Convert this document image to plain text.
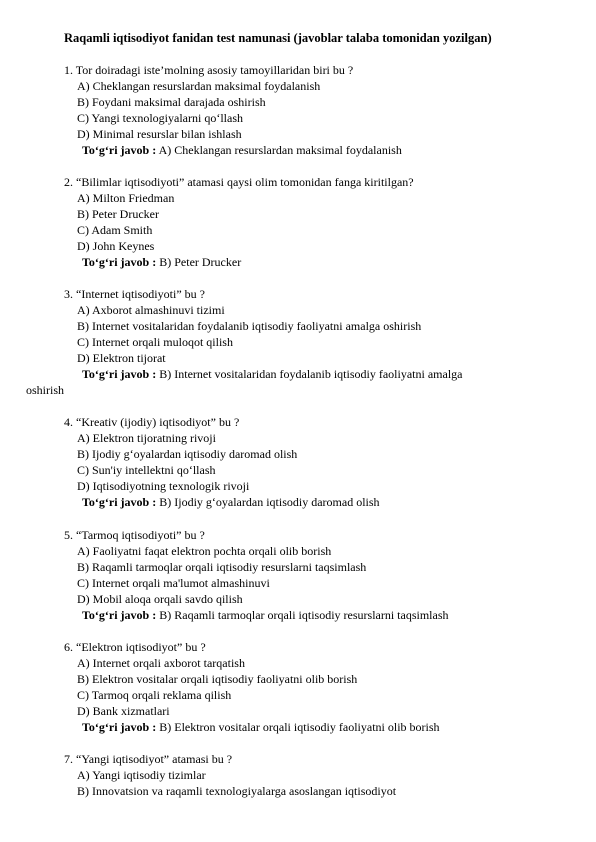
Raqamli iqtisodiyot fanidan test namunasi (javoblar talaba tomonidan yozilgan)
1. Tor doiradagi iste’molning asosiy tamoyillaridan biri bu ?
A) Cheklangan resurslardan maksimal foydalanish
B) Foydani maksimal darajada oshirish
C) Yangi texnologiyalarni qo‘llash
D) Minimal resurslar bilan ishlash
To‘g‘ri javob : A) Cheklangan resurslardan maksimal foydalanish
2. “Bilimlar iqtisodiyoti” atamasi qaysi olim tomonidan fanga kiritilgan?
A) Milton Friedman
B) Peter Drucker
C) Adam Smith
D) John Keynes
To‘g‘ri javob : B) Peter Drucker
3. “Internet iqtisodiyoti” bu ?
A) Axborot almashinuvi tizimi
B) Internet vositalaridan foydalanib iqtisodiy faoliyatni amalga oshirish
C) Internet orqali muloqot qilish
D) Elektron tijorat
To‘g‘ri javob : B) Internet vositalaridan foydalanib iqtisodiy faoliyatni amalga
oshirish
4. “Kreativ (ijodiy) iqtisodiyot” bu ?
A) Elektron tijoratning rivoji
B) Ijodiy g‘oyalardan iqtisodiy daromad olish
C) Sun'iy intellektni qo‘llash
D) Iqtisodiyotning texnologik rivoji
To‘g‘ri javob : B) Ijodiy g‘oyalardan iqtisodiy daromad olish
5. “Tarmoq iqtisodiyoti” bu ?
A) Faoliyatni faqat elektron pochta orqali olib borish
B) Raqamli tarmoqlar orqali iqtisodiy resurslarni taqsimlash
C) Internet orqali ma'lumot almashinuvi
D) Mobil aloqa orqali savdo qilish
To‘g‘ri javob : B) Raqamli tarmoqlar orqali iqtisodiy resurslarni taqsimlash
6. “Elektron iqtisodiyot” bu ?
A) Internet orqali axborot tarqatish
B) Elektron vositalar orqali iqtisodiy faoliyatni olib borish
C) Tarmoq orqali reklama qilish
D) Bank xizmatlari
To‘g‘ri javob : B) Elektron vositalar orqali iqtisodiy faoliyatni olib borish
7. “Yangi iqtisodiyot” atamasi bu ?
A) Yangi iqtisodiy tizimlar
B) Innovatsion va raqamli texnologiyalarga asoslangan iqtisodiyot
